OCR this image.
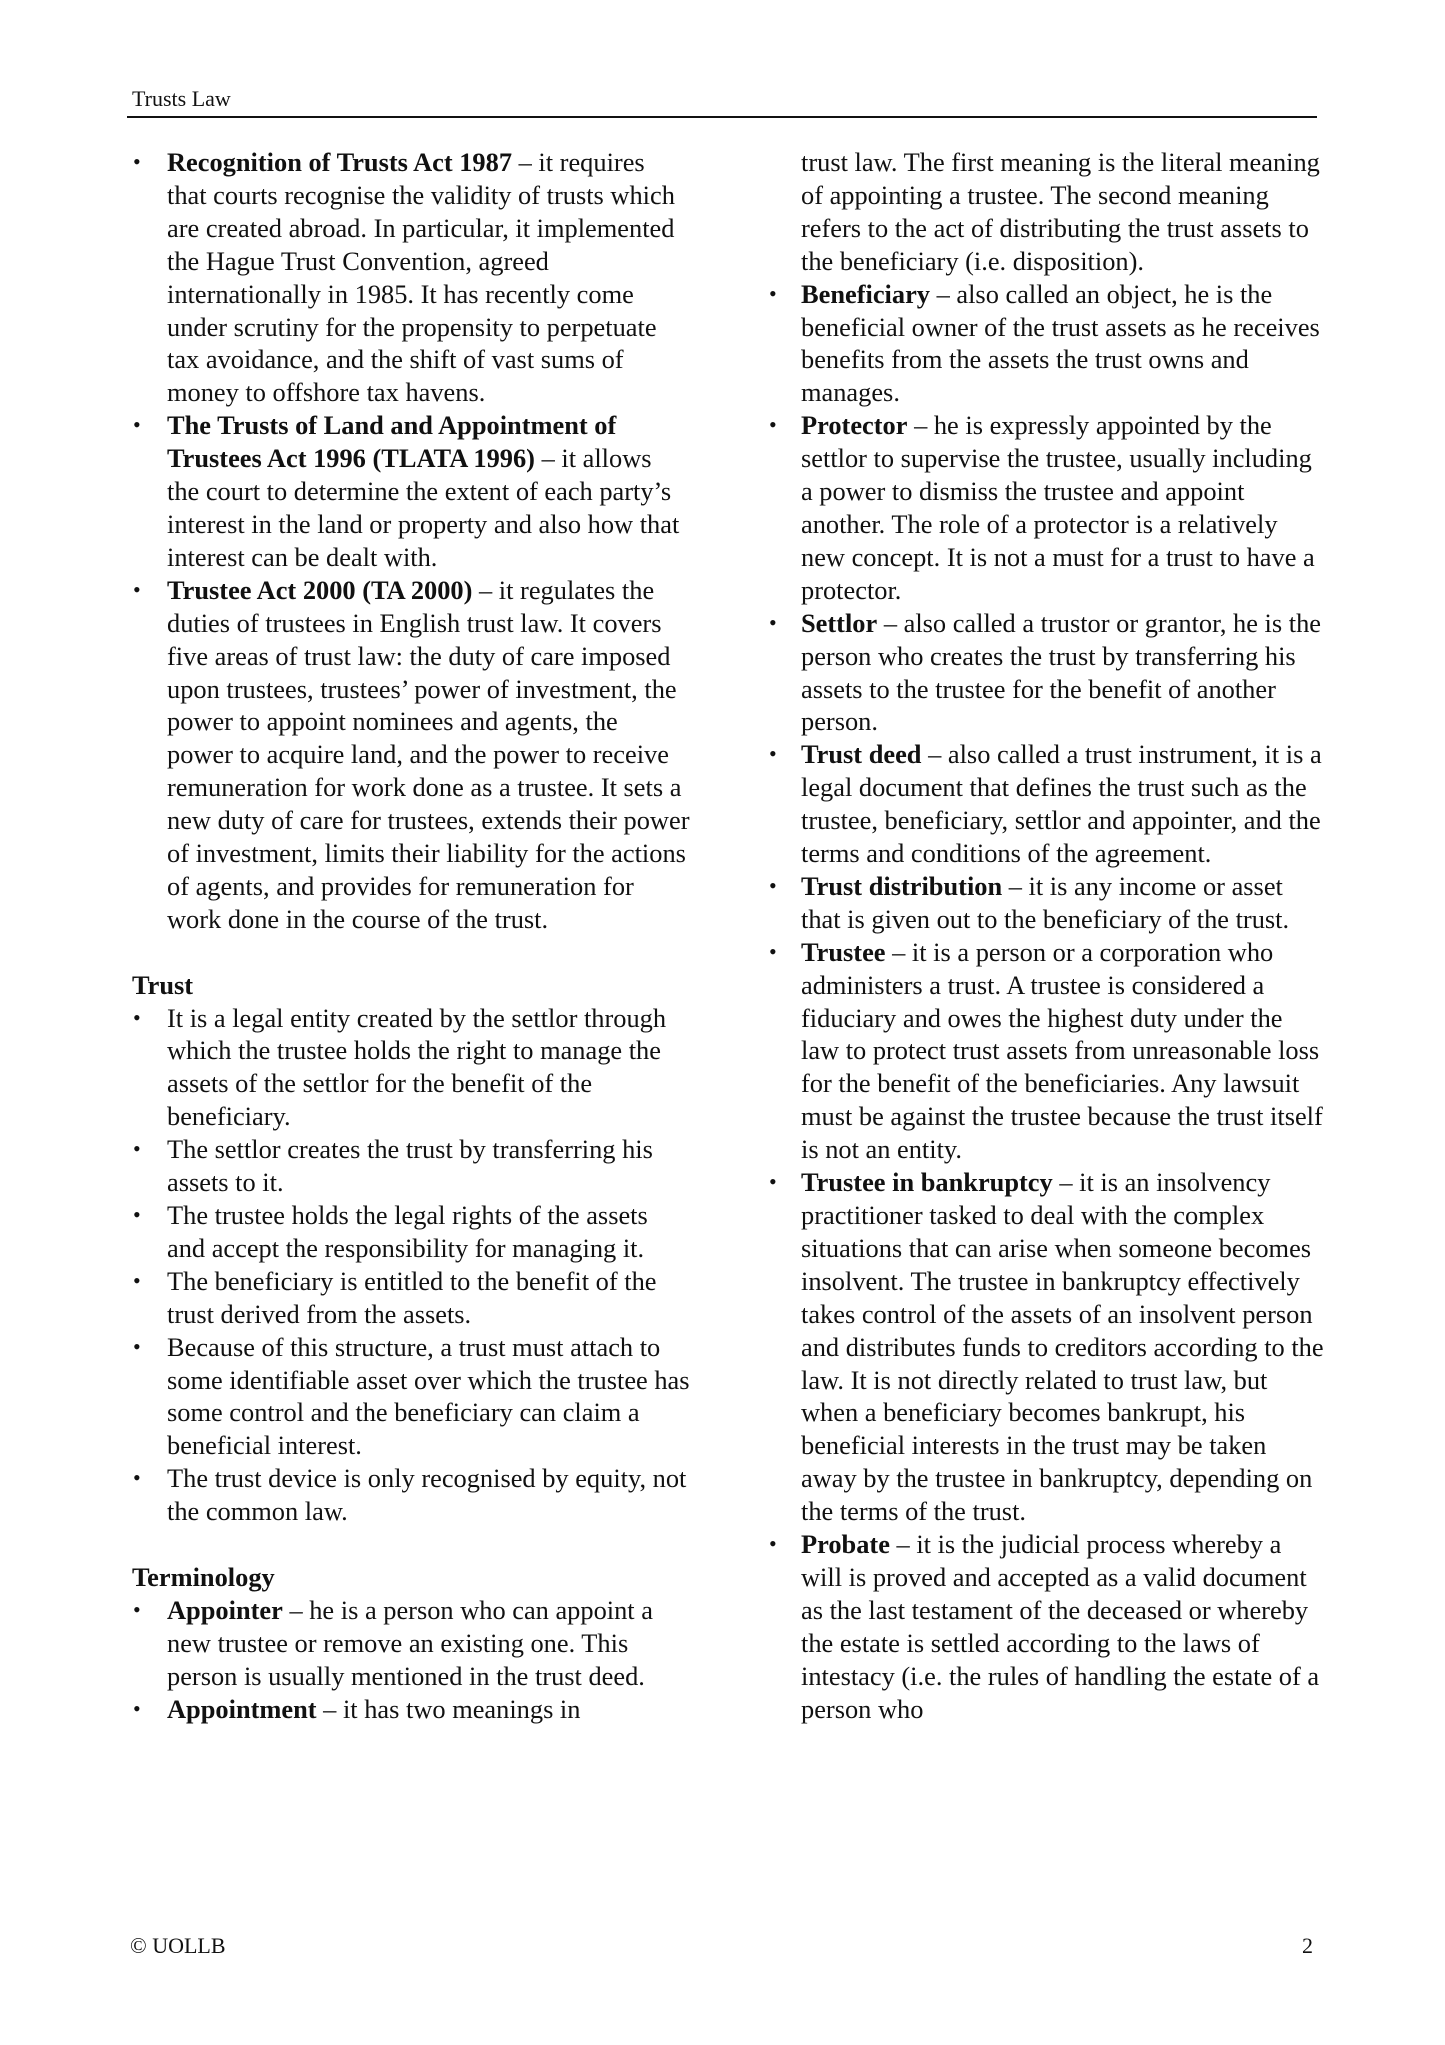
Trusts Law
• Recognition of Trusts Act 1987 – it requires that courts recognise the validity of trusts which are created abroad. In particular, it implemented the Hague Trust Convention, agreed internationally in 1985. It has recently come under scrutiny for the propensity to perpetuate tax avoidance, and the shift of vast sums of money to offshore tax havens.
• The Trusts of Land and Appointment of Trustees Act 1996 (TLATA 1996) – it allows the court to determine the extent of each party’s interest in the land or property and also how that interest can be dealt with.
• Trustee Act 2000 (TA 2000) – it regulates the duties of trustees in English trust law. It covers five areas of trust law: the duty of care imposed upon trustees, trustees’ power of investment, the power to appoint nominees and agents, the power to acquire land, and the power to receive remuneration for work done as a trustee. It sets a new duty of care for trustees, extends their power of investment, limits their liability for the actions of agents, and provides for remuneration for work done in the course of the trust.
Trust
• It is a legal entity created by the settlor through which the trustee holds the right to manage the assets of the settlor for the benefit of the beneficiary.
• The settlor creates the trust by transferring his assets to it.
• The trustee holds the legal rights of the assets and accept the responsibility for managing it.
• The beneficiary is entitled to the benefit of the trust derived from the assets.
• Because of this structure, a trust must attach to some identifiable asset over which the trustee has some control and the beneficiary can claim a beneficial interest.
• The trust device is only recognised by equity, not the common law.
Terminology
• Appointer – he is a person who can appoint a new trustee or remove an existing one. This person is usually mentioned in the trust deed.
• Appointment – it has two meanings in
trust law. The first meaning is the literal meaning of appointing a trustee. The second meaning refers to the act of distributing the trust assets to the beneficiary (i.e. disposition).
• Beneficiary – also called an object, he is the beneficial owner of the trust assets as he receives benefits from the assets the trust owns and manages.
• Protector – he is expressly appointed by the settlor to supervise the trustee, usually including a power to dismiss the trustee and appoint another. The role of a protector is a relatively new concept. It is not a must for a trust to have a protector.
• Settlor – also called a trustor or grantor, he is the person who creates the trust by transferring his assets to the trustee for the benefit of another person.
• Trust deed – also called a trust instrument, it is a legal document that defines the trust such as the trustee, beneficiary, settlor and appointer, and the terms and conditions of the agreement.
• Trust distribution – it is any income or asset that is given out to the beneficiary of the trust.
• Trustee – it is a person or a corporation who administers a trust. A trustee is considered a fiduciary and owes the highest duty under the law to protect trust assets from unreasonable loss for the benefit of the beneficiaries. Any lawsuit must be against the trustee because the trust itself is not an entity.
• Trustee in bankruptcy – it is an insolvency practitioner tasked to deal with the complex situations that can arise when someone becomes insolvent. The trustee in bankruptcy effectively takes control of the assets of an insolvent person and distributes funds to creditors according to the law. It is not directly related to trust law, but when a beneficiary becomes bankrupt, his beneficial interests in the trust may be taken away by the trustee in bankruptcy, depending on the terms of the trust.
• Probate – it is the judicial process whereby a will is proved and accepted as a valid document as the last testament of the deceased or whereby the estate is settled according to the laws of intestacy (i.e. the rules of handling the estate of a person who
© UOLLB	2
